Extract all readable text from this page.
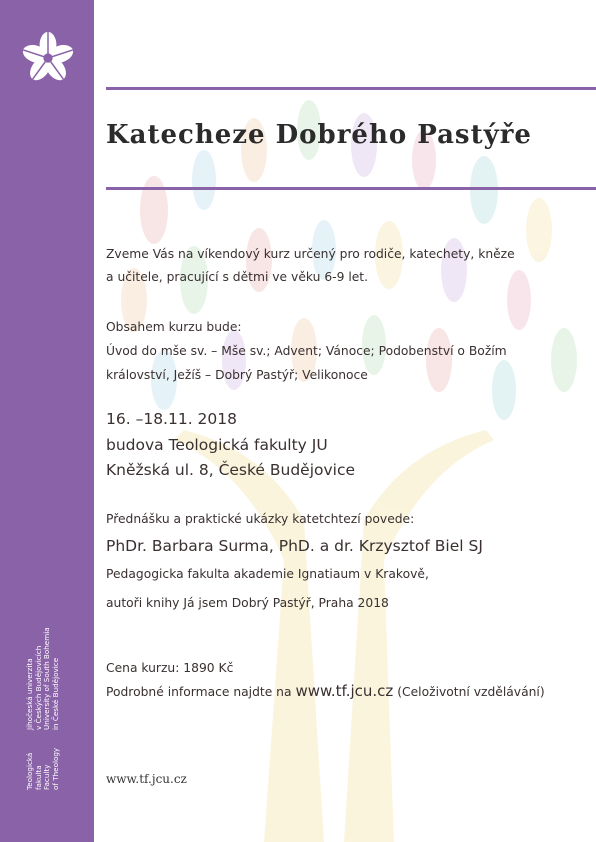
Jihočeská univerzita v Českých Budějovicích University of South Bohemia in České Budějovice
Teologická fakulta Faculty of Theology
Katecheze Dobrého Pastýře
Zveme Vás na víkendový kurz určený pro rodiče, katechety, kněze
a učitele, pracující s dětmi ve věku 6-9 let.
Obsahem kurzu bude:
Úvod do mše sv. – Mše sv.; Advent; Vánoce; Podobenství o Božím
království, Ježíš – Dobrý Pastýř; Velikonoce
16. –18.11. 2018
budova Teologická fakulty JU
Kněžská ul. 8, České Budějovice
Přednášku a praktické ukázky katetchtezí povede:
PhDr. Barbara Surma, PhD. a dr. Krzysztof Biel SJ
Pedagogicka fakulta akademie Ignatiaum v Krakově,
autoři knihy Já jsem Dobrý Pastýř, Praha 2018
Cena kurzu: 1890 Kč
Podrobné informace najdte na www.tf.jcu.cz (Celoživotní vzdělávání)
www.tf.jcu.cz
